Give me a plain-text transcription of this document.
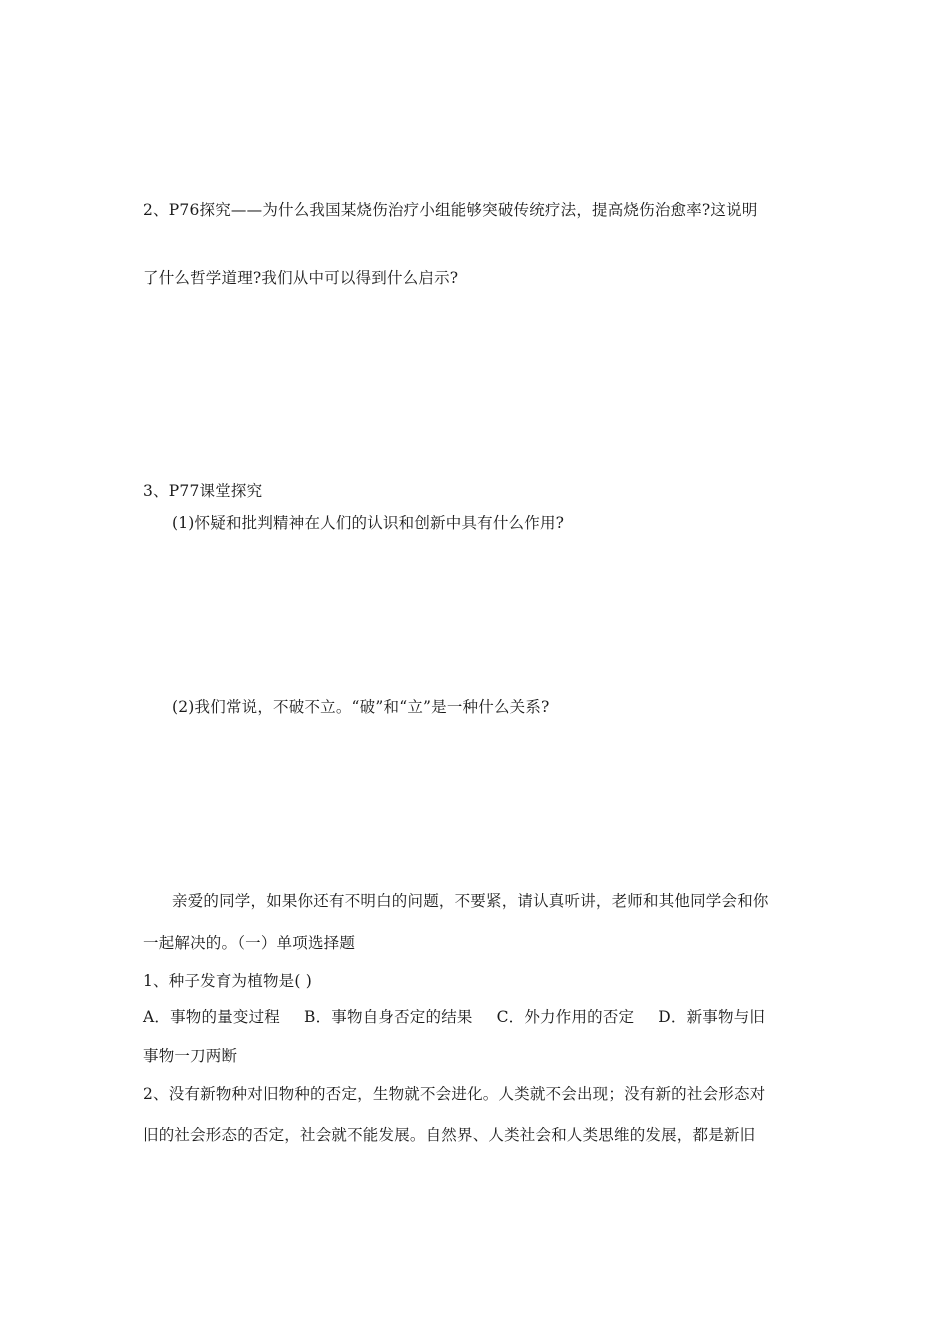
2、P76探究——为什么我国某烧伤治疗小组能够突破传统疗法，提高烧伤治愈率?这说明
了什么哲学道理?我们从中可以得到什么启示?
3、P77课堂探究
(1)怀疑和批判精神在人们的认识和创新中具有什么作用?
(2)我们常说，不破不立。“破”和“立”是一种什么关系?
亲爱的同学，如果你还有不明白的问题，不要紧，请认真听讲，老师和其他同学会和你
一起解决的。（一）单项选择题
1、种子发育为植物是( )
A．事物的量变过程 B．事物自身否定的结果 C．外力作用的否定 D．新事物与旧
事物一刀两断
2、没有新物种对旧物种的否定，生物就不会进化。人类就不会出现；没有新的社会形态对
旧的社会形态的否定，社会就不能发展。自然界、人类社会和人类思维的发展，都是新旧
